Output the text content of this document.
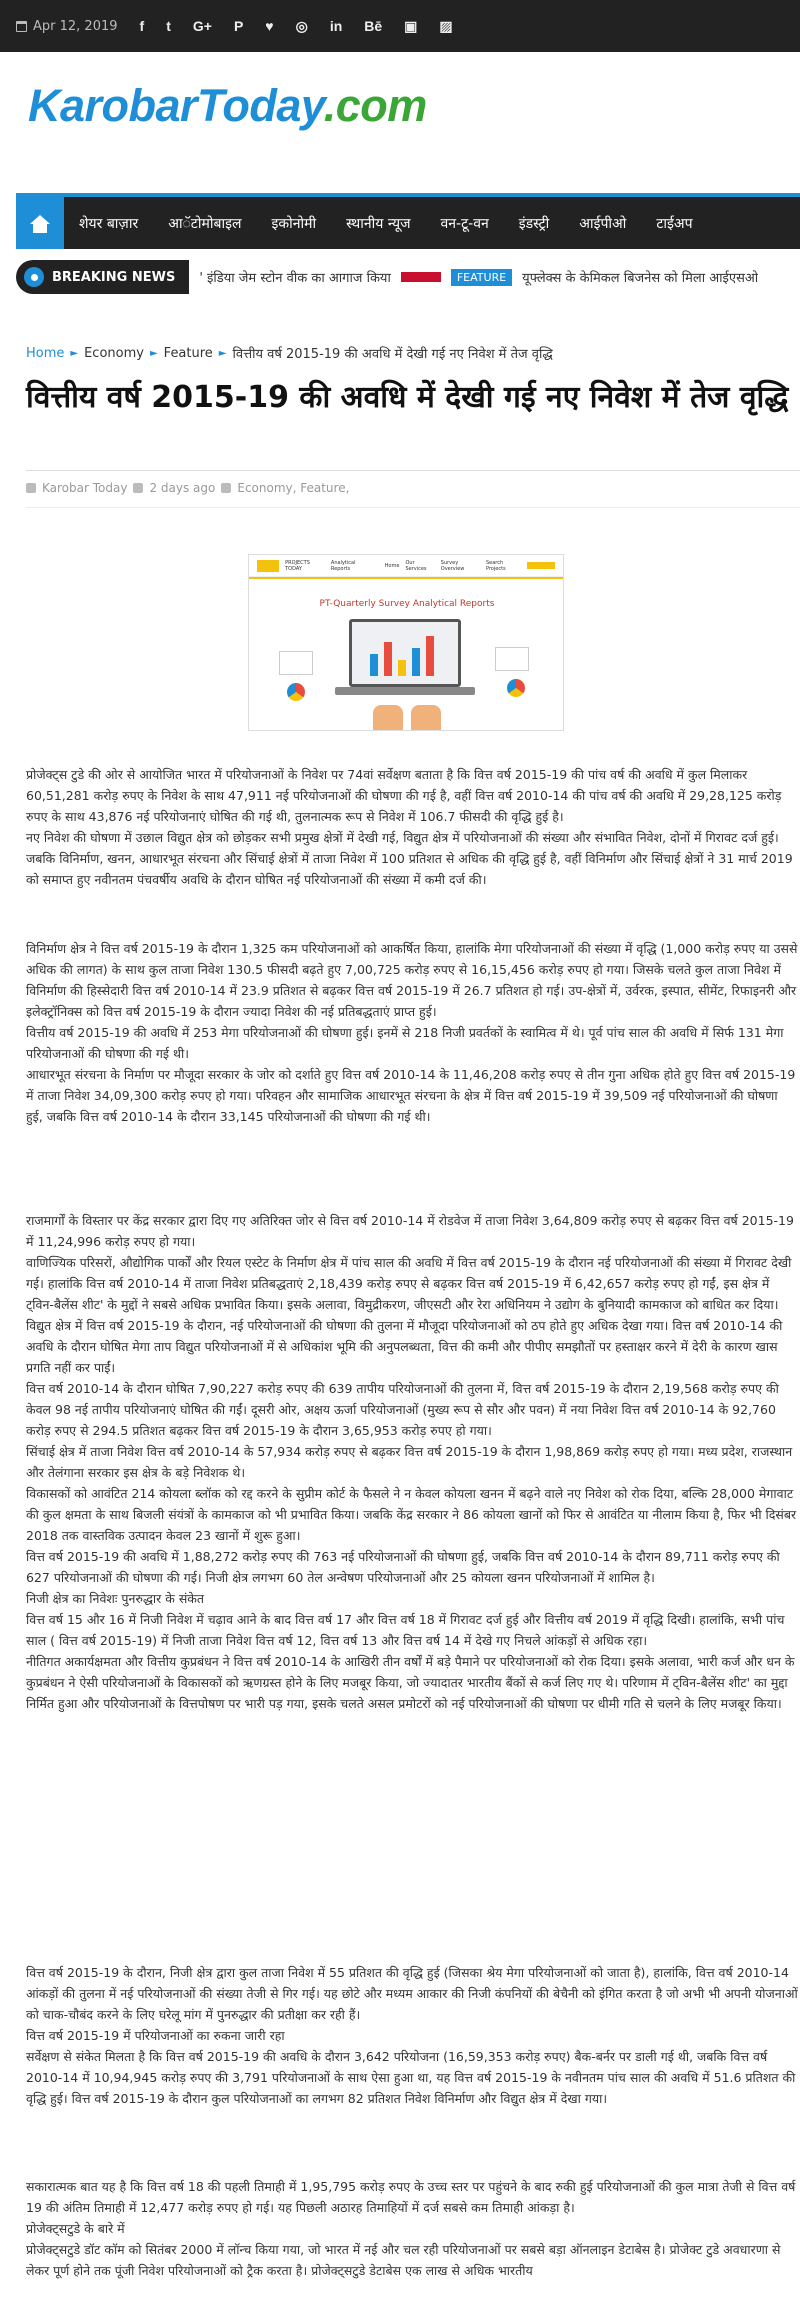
Apr 12, 2019 f t G+ P ♥ ◎ in Bē ▣ ▨
KarobarToday.com
शेयर बाज़ार	आॅटोमोबाइल	इकोनोमी	स्थानीय न्यूज	वन-टू-वन	इंडस्ट्री	आईपीओ	टाईअप
BREAKING NEWS ' इंडिया जेम स्टोन वीक का आगाज किया	FEATURE	यूफ्लेक्स के केमिकल बिजनेस को मिला आईएसओ
Home ► Economy ► Feature ► वित्तीय वर्ष 2015-19 की अवधि में देखी गई नए निवेश में तेज वृद्धि
वित्तीय वर्ष 2015-19 की अवधि में देखी गई नए निवेश में तेज वृद्धि
Karobar Today 2 days ago Economy, Feature,
PROJECTS TODAY
Analytical Reports	Home Our Services
Survey Overview
Search Projects
PT-Quarterly Survey Analytical Reports

प्रोजेक्ट्स टुडे की ओर से आयोजित भारत में परियोजनाओं के निवेश पर 74वां सर्वेक्षण बताता है कि वित्त वर्ष 2015-19 की पांच वर्ष की अवधि में कुल मिलाकर 60,51,281 करोड़ रुपए के निवेश के साथ 47,911 नई परियोजनाओं की घोषणा की गई है, वहीं वित्त वर्ष 2010-14 की पांच वर्ष की अवधि में 29,28,125 करोड़ रुपए के साथ 43,876 नई परियोजनाएं घोषित की गई थी, तुलनात्मक रूप से निवेश में 106.7 फीसदी की वृद्धि हुई है।

नए निवेश की घोषणा में उछाल विद्युत क्षेत्र को छोड़कर सभी प्रमुख क्षेत्रों में देखी गई, विद्युत क्षेत्र में परियोजनाओं की संख्या और संभावित निवेश, दोनों में गिरावट दर्ज हुई। जबकि विनिर्माण, खनन, आधारभूत संरचना और सिंचाई क्षेत्रों में ताजा निवेश में 100 प्रतिशत से अधिक की वृद्धि हुई है, वहीं विनिर्माण और सिंचाई क्षेत्रों ने 31 मार्च 2019 को समाप्त हुए नवीनतम पंचवर्षीय अवधि के दौरान घोषित नई परियोजनाओं की संख्या में कमी दर्ज की।

विनिर्माण क्षेत्र ने वित्त वर्ष 2015-19 के दौरान 1,325 कम परियोजनाओं को आकर्षित किया, हालांकि मेगा परियोजनाओं की संख्या में वृद्धि (1,000 करोड़ रुपए या उससे अधिक की लागत) के साथ कुल ताजा निवेश 130.5 फीसदी बढ़ते हुए 7,00,725 करोड़ रुपए से 16,15,456 करोड़ रुपए हो गया। जिसके चलते कुल ताजा निवेश में विनिर्माण की हिस्सेदारी वित्त वर्ष 2010-14 में 23.9 प्रतिशत से बढ़कर वित्त वर्ष 2015-19 में 26.7 प्रतिशत हो गई। उप-क्षेत्रों में, उर्वरक, इस्पात, सीमेंट, रिफाइनरी और इलेक्ट्रॉनिक्स को वित्त वर्ष 2015-19 के दौरान ज्यादा निवेश की नई प्रतिबद्धताएं प्राप्त हुई।

वित्तीय वर्ष 2015-19 की अवधि में 253 मेगा परियोजनाओं की घोषणा हुई। इनमें से 218 निजी प्रवर्तकों के स्वामित्व में थे। पूर्व पांच साल की अवधि में सिर्फ 131 मेगा परियोजनाओं की घोषणा की गई थी।

आधारभूत संरचना के निर्माण पर मौजूदा सरकार के जोर को दर्शाते हुए वित्त वर्ष 2010-14 के 11,46,208 करोड़ रुपए से तीन गुना अधिक होते हुए वित्त वर्ष 2015-19 में ताजा निवेश 34,09,300 करोड़ रुपए हो गया। परिवहन और सामाजिक आधारभूत संरचना के क्षेत्र में वित्त वर्ष 2015-19 में 39,509 नई परियोजनाओं की घोषणा हुई, जबकि वित्त वर्ष 2010-14 के दौरान 33,145 परियोजनाओं की घोषणा की गई थी।

राजमार्गों के विस्तार पर केंद्र सरकार द्वारा दिए गए अतिरिक्त जोर से वित्त वर्ष 2010-14 में रोडवेज में ताजा निवेश 3,64,809 करोड़ रुपए से बढ़कर वित्त वर्ष 2015-19 में 11,24,996 करोड़ रुपए हो गया।

वाणिज्यिक परिसरों, औद्योगिक पार्कों और रियल एस्टेट के निर्माण क्षेत्र में पांच साल की अवधि में वित्त वर्ष 2015-19 के दौरान नई परियोजनाओं की संख्या में गिरावट देखी गई। हालांकि वित्त वर्ष 2010-14 में ताजा निवेश प्रतिबद्धताएं 2,18,439 करोड़ रुपए से बढ़कर वित्त वर्ष 2015-19 में 6,42,657 करोड़ रुपए हो गईं, इस क्षेत्र में ट्विन-बैलेंस शीट' के मुद्दों ने सबसे अधिक प्रभावित किया। इसके अलावा, विमुद्रीकरण, जीएसटी और रेरा अधिनियम ने उद्योग के बुनियादी कामकाज को बाधित कर दिया।

विद्युत क्षेत्र में वित्त वर्ष 2015-19 के दौरान, नई परियोजनाओं की घोषणा की तुलना में मौजूदा परियोजनाओं को ठप होते हुए अधिक देखा गया। वित्त वर्ष 2010-14 की अवधि के दौरान घोषित मेगा ताप विद्युत परियोजनाओं में से अधिकांश भूमि की अनुपलब्धता, वित्त की कमी और पीपीए समझौतों पर हस्ताक्षर करने में देरी के कारण खास प्रगति नहीं कर पाईं।

वित्त वर्ष 2010-14 के दौरान घोषित 7,90,227 करोड़ रुपए की 639 तापीय परियोजनाओं की तुलना में, वित्त वर्ष 2015-19 के दौरान 2,19,568 करोड़ रुपए की केवल 98 नई तापीय परियोजनाएं घोषित की गईं। दूसरी ओर, अक्षय ऊर्जा परियोजनाओं (मुख्य रूप से सौर और पवन) में नया निवेश वित्त वर्ष 2010-14 के 92,760 करोड़ रुपए से 294.5 प्रतिशत बढ़कर वित्त वर्ष 2015-19 के दौरान 3,65,953 करोड़ रुपए हो गया।

सिंचाई क्षेत्र में ताजा निवेश वित्त वर्ष 2010-14 के 57,934 करोड़ रुपए से बढ़कर वित्त वर्ष 2015-19 के दौरान 1,98,869 करोड़ रुपए हो गया। मध्य प्रदेश, राजस्थान और तेलंगाना सरकार इस क्षेत्र के बड़े निवेशक थे।

विकासकों को आवंटित 214 कोयला ब्लॉक को रद्द करने के सुप्रीम कोर्ट के फैसले ने न केवल कोयला खनन में बढ़ने वाले नए निवेश को रोक दिया, बल्कि 28,000 मेगावाट की कुल क्षमता के साथ बिजली संयंत्रों के कामकाज को भी प्रभावित किया। जबकि केंद्र सरकार ने 86 कोयला खानों को फिर से आवंटित या नीलाम किया है, फिर भी दिसंबर 2018 तक वास्तविक उत्पादन केवल 23 खानों में शुरू हुआ।

वित्त वर्ष 2015-19 की अवधि में 1,88,272 करोड़ रुपए की 763 नई परियोजनाओं की घोषणा हुई, जबकि वित्त वर्ष 2010-14 के दौरान 89,711 करोड़ रुपए की 627 परियोजनाओं की घोषणा की गई। निजी क्षेत्र लगभग 60 तेल अन्वेषण परियोजनाओं और 25 कोयला खनन परियोजनाओं में शामिल है।

निजी क्षेत्र का निवेशः पुनरुद्धार के संकेत

वित्त वर्ष 15 और 16 में निजी निवेश में चढ़ाव आने के बाद वित्त वर्ष 17 और वित्त वर्ष 18 में गिरावट दर्ज हुई और वित्तीय वर्ष 2019 में वृद्धि दिखी। हालांकि, सभी पांच साल ( वित्त वर्ष 2015-19) में निजी ताजा निवेश वित्त वर्ष 12, वित्त वर्ष 13 और वित्त वर्ष 14 में देखे गए निचले आंकड़ों से अधिक रहा।

नीतिगत अकार्यक्षमता और वित्तीय कुप्रबंधन ने वित्त वर्ष 2010-14 के आखिरी तीन वर्षों में बड़े पैमाने पर परियोजनाओं को रोक दिया। इसके अलावा, भारी कर्ज और धन के कुप्रबंधन ने ऐसी परियोजनाओं के विकासकों को ऋणग्रस्त होने के लिए मजबूर किया, जो ज्यादातर भारतीय बैंकों से कर्ज लिए गए थे। परिणाम में ट्विन-बैलेंस शीट' का मुद्दा निर्मित हुआ और परियोजनाओं के वित्तपोषण पर भारी पड़ गया, इसके चलते असल प्रमोटरों को नई परियोजनाओं की घोषणा पर धीमी गति से चलने के लिए मजबूर किया।

वित्त वर्ष 2015-19 के दौरान, निजी क्षेत्र द्वारा कुल ताजा निवेश में 55 प्रतिशत की वृद्धि हुई (जिसका श्रेय मेगा परियोजनाओं को जाता है), हालांकि, वित्त वर्ष 2010-14 आंकड़ों की तुलना में नई परियोजनाओं की संख्या तेजी से गिर गई। यह छोटे और मध्यम आकार की निजी कंपनियों की बेचैनी को इंगित करता है जो अभी भी अपनी योजनाओं को चाक-चौबंद करने के लिए घरेलू मांग में पुनरुद्धार की प्रतीक्षा कर रही हैं।

वित्त वर्ष 2015-19 में परियोजनाओं का रुकना जारी रहा

सर्वेक्षण से संकेत मिलता है कि वित्त वर्ष 2015-19 की अवधि के दौरान 3,642 परियोजना (16,59,353 करोड़ रुपए) बैक-बर्नर पर डाली गई थी, जबकि वित्त वर्ष 2010-14 में 10,94,945 करोड़ रुपए की 3,791 परियोजनाओं के साथ ऐसा हुआ था, यह वित्त वर्ष 2015-19 के नवीनतम पांच साल की अवधि में 51.6 प्रतिशत की वृद्धि हुई। वित्त वर्ष 2015-19 के दौरान कुल परियोजनाओं का लगभग 82 प्रतिशत निवेश विनिर्माण और विद्युत क्षेत्र में देखा गया।

सकारात्मक बात यह है कि वित्त वर्ष 18 की पहली तिमाही में 1,95,795 करोड़ रुपए के उच्च स्तर पर पहुंचने के बाद रुकी हुई परियोजनाओं की कुल मात्रा तेजी से वित्त वर्ष 19 की अंतिम तिमाही में 12,477 करोड़ रुपए हो गई। यह पिछली अठारह तिमाहियों में दर्ज सबसे कम तिमाही आंकड़ा है।

प्रोजेक्ट्सटुडे के बारे में

प्रोजेक्ट्सटुडे डॉट कॉम को सितंबर 2000 में लॉन्च किया गया, जो भारत में नई और चल रही परियोजनाओं पर सबसे बड़ा ऑनलाइन डेटाबेस है। प्रोजेक्ट टुडे अवधारणा से लेकर पूर्ण होने तक पूंजी निवेश परियोजनाओं को ट्रैक करता है। प्रोजेक्ट्सटुडे डेटाबेस एक लाख से अधिक भारतीय
